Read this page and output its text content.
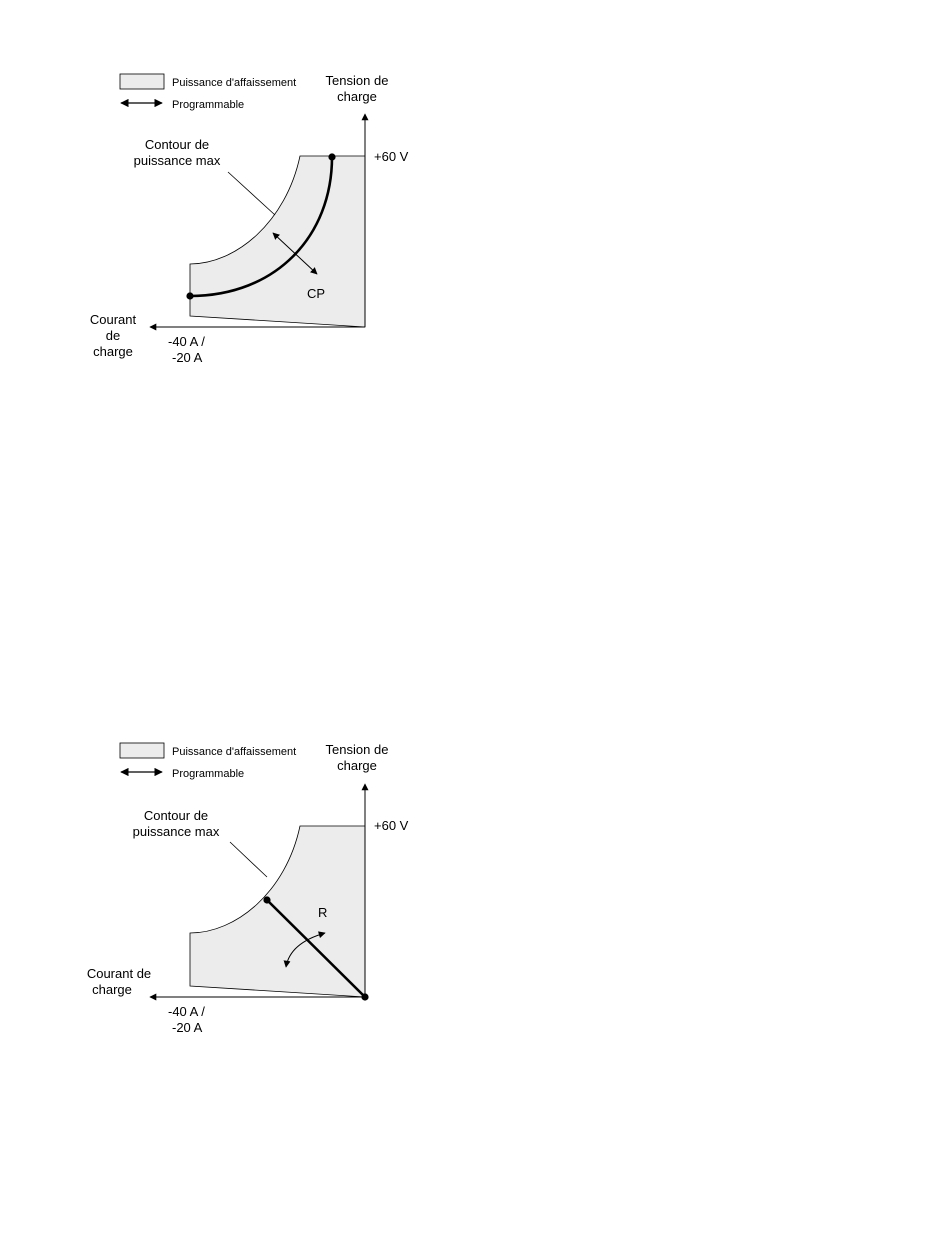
Puissance d'affaissement
Programmable
Tension de
charge
+60 V
Contour de
puissance max
CP
Courant
de
charge
-40 A /
-20 A
Puissance d'affaissement
Programmable
Tension de
charge
+60 V
Contour de
puissance max
R
Courant de
charge
-40 A /
-20 A
